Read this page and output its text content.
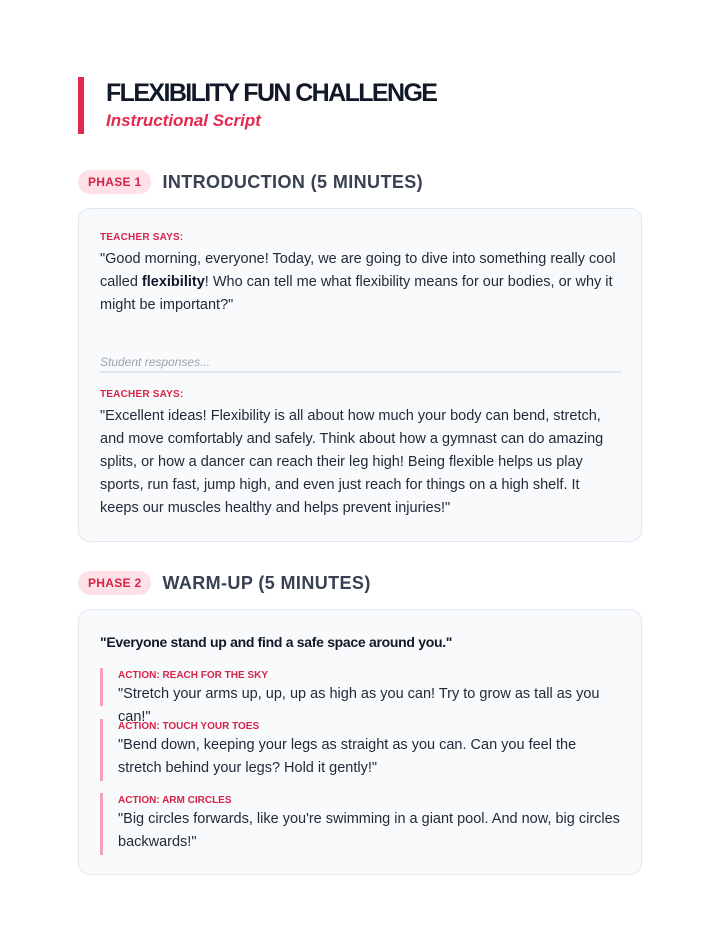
FLEXIBILITY FUN CHALLENGE
Instructional Script
PHASE 1	INTRODUCTION (5 MINUTES)
TEACHER SAYS:
"Good morning, everyone! Today, we are going to dive into something really cool called flexibility! Who can tell me what flexibility means for our bodies, or why it might be important?"
Student responses...
TEACHER SAYS:
"Excellent ideas! Flexibility is all about how much your body can bend, stretch, and move comfortably and safely. Think about how a gymnast can do amazing splits, or how a dancer can reach their leg high! Being flexible helps us play sports, run fast, jump high, and even just reach for things on a high shelf. It keeps our muscles healthy and helps prevent injuries!"
PHASE 2	WARM-UP (5 MINUTES)
"Everyone stand up and find a safe space around you."
ACTION: REACH FOR THE SKY
"Stretch your arms up, up, up as high as you can! Try to grow as tall as you can!"
ACTION: TOUCH YOUR TOES
"Bend down, keeping your legs as straight as you can. Can you feel the stretch behind your legs? Hold it gently!"
ACTION: ARM CIRCLES
"Big circles forwards, like you're swimming in a giant pool. And now, big circles backwards!"
